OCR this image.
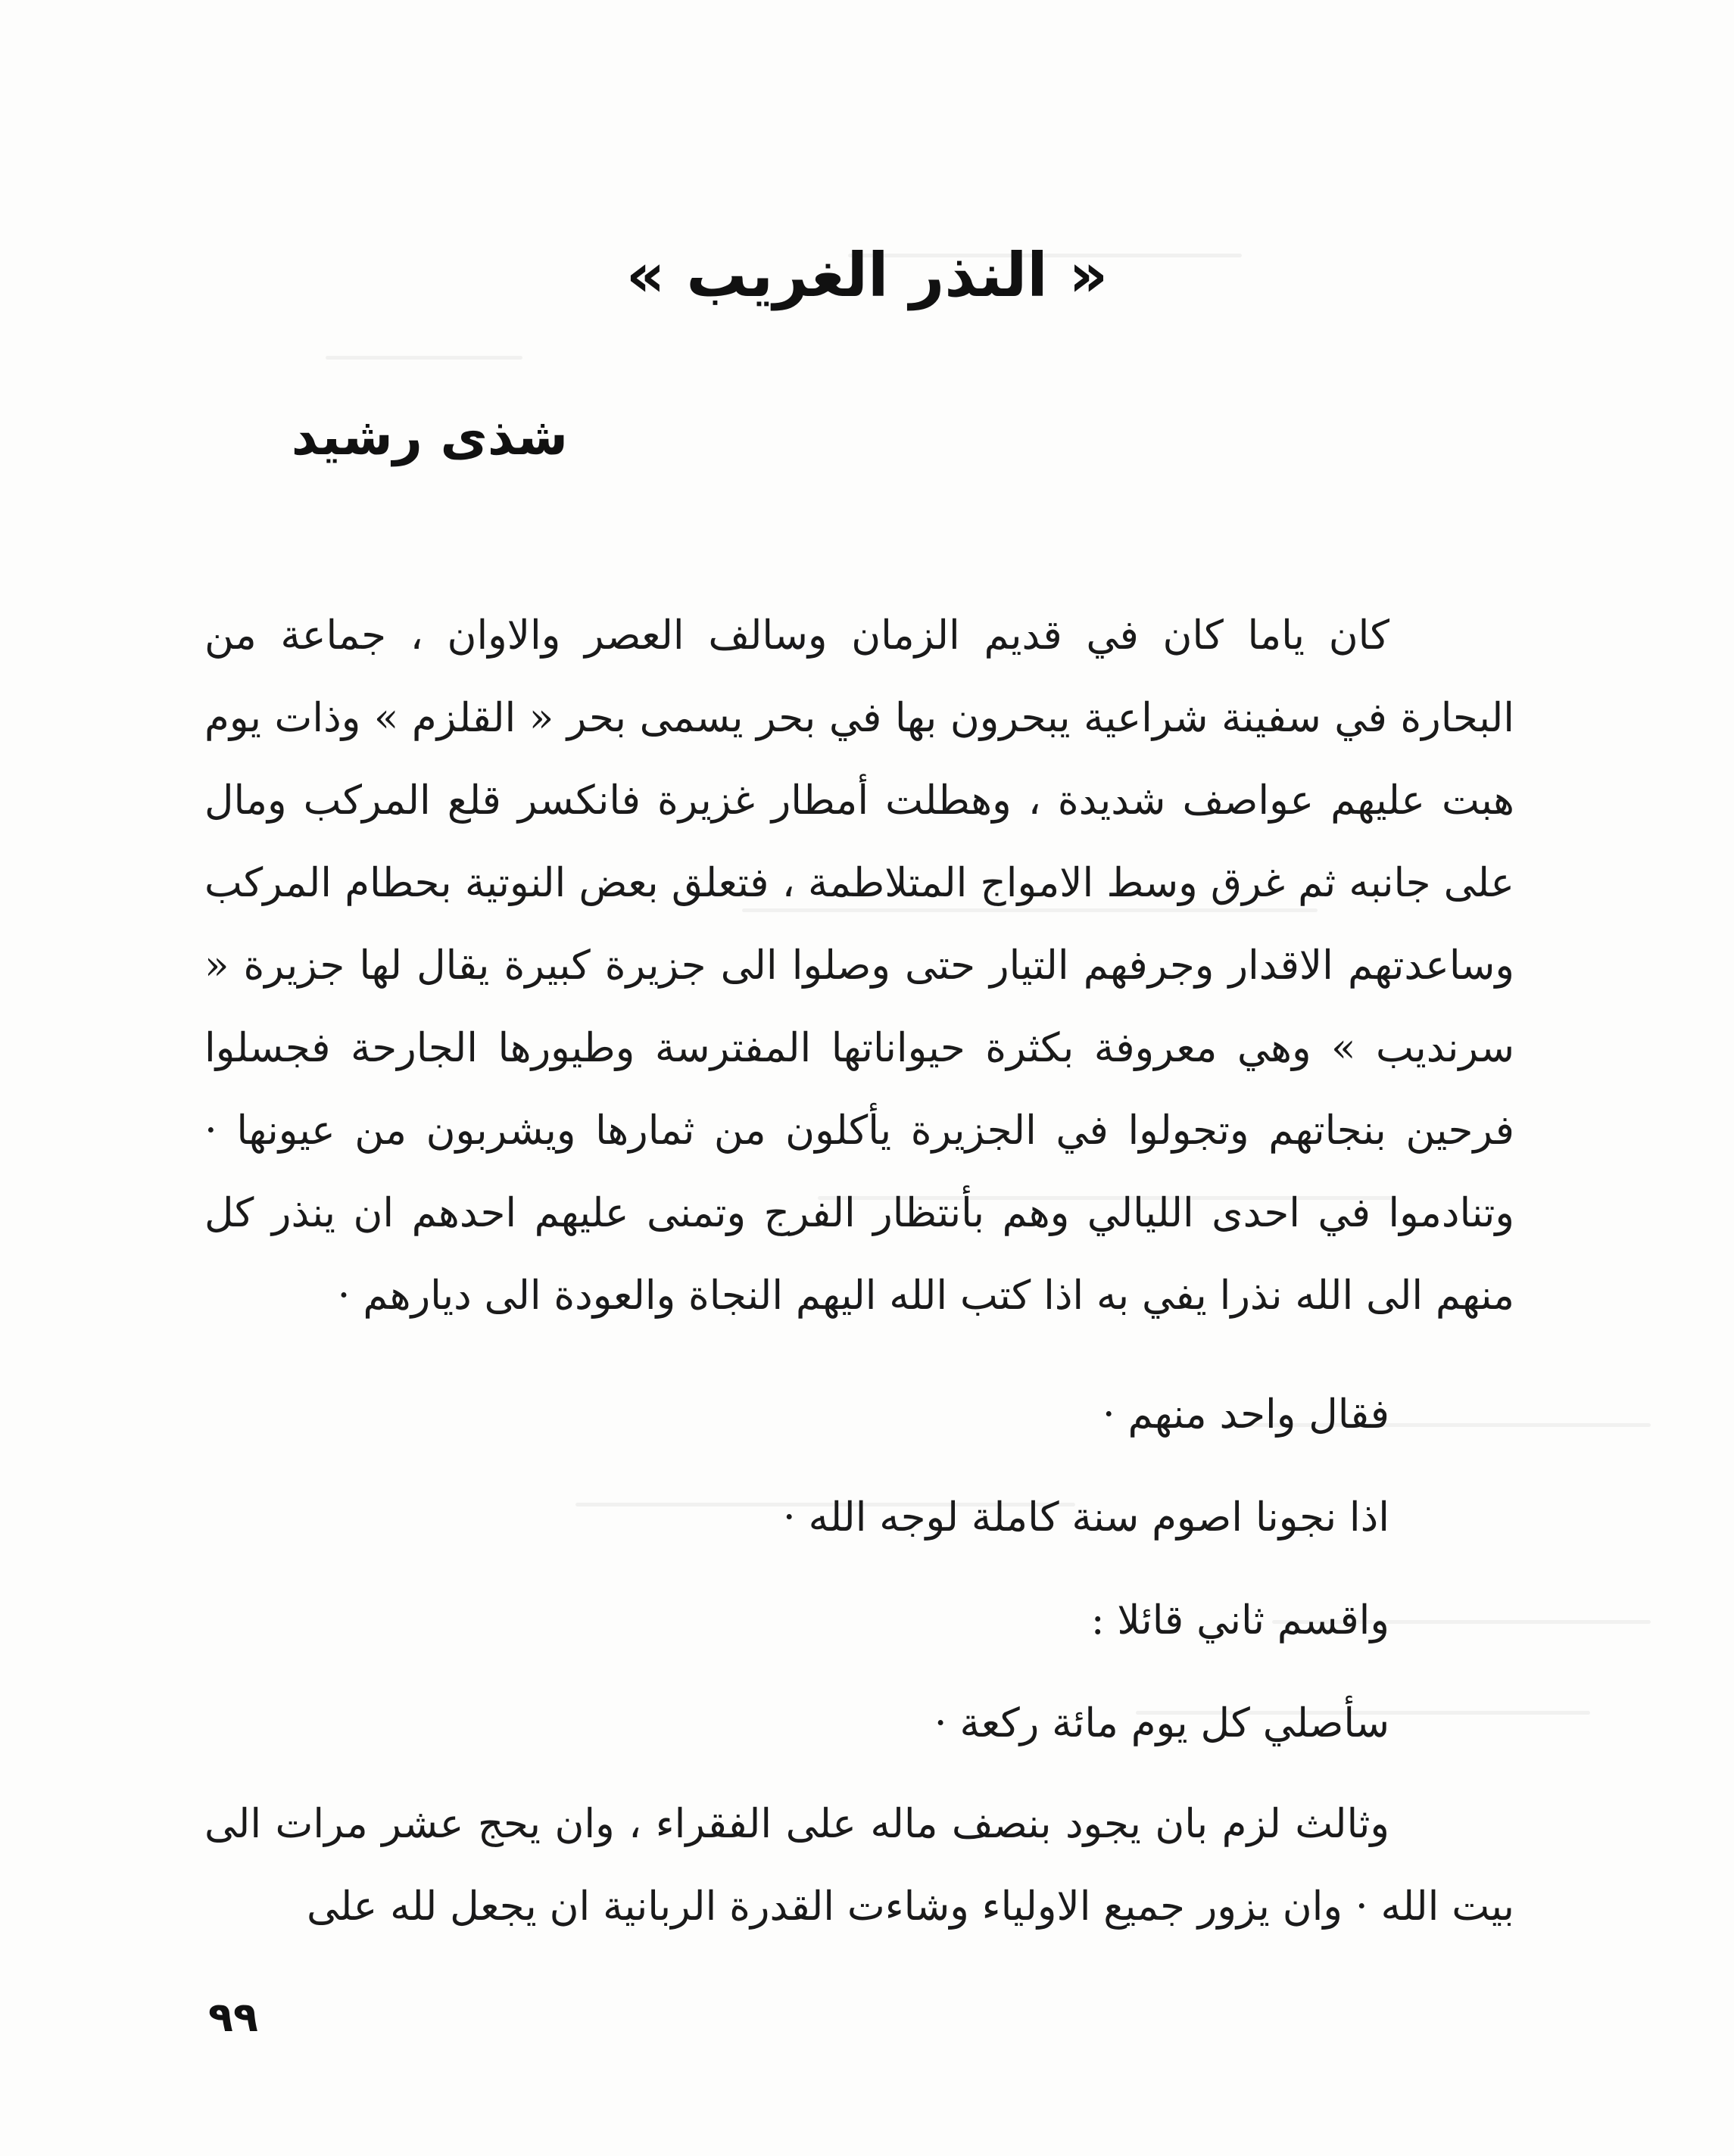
« النذر الغريب »
شذى رشيد

كان ياما كان في قديم الزمان وسالف العصر والاوان ، جماعة من البحارة في سفينة شراعية يبحرون بها في بحر يسمى بحر « القلزم » وذات يوم هبت عليهم عواصف شديدة ، وهطلت أمطار غزيرة فانكسر قلع المركب ومال على جانبه ثم غرق وسط الامواج المتلاطمة ، فتعلق بعض النوتية بحطام المركب وساعدتهم الاقدار وجرفهم التيار حتى وصلوا الى جزيرة كبيرة يقال لها جزيرة « سرنديب » وهي معروفة بكثرة حيواناتها المفترسة وطيورها الجارحة فجسلوا فرحين بنجاتهم وتجولوا في الجزيرة يأكلون من ثمارها ويشربون من عيونها · وتنادموا في احدى الليالي وهم بأنتظار الفرج وتمنى عليهم احدهم ان ينذر كل منهم الى الله نذرا يفي به اذا كتب الله اليهم النجاة والعودة الى ديارهم ·

فقال واحد منهم ·

اذا نجونا اصوم سنة كاملة لوجه الله ·

واقسم ثاني قائلا :

سأصلي كل يوم مائة ركعة ·

وثالث لزم بان يجود بنصف ماله على الفقراء ، وان يحج عشر مرات الى بيت الله · وان يزور جميع الاولياء وشاءت القدرة الربانية ان يجعل لله على

٩٩
